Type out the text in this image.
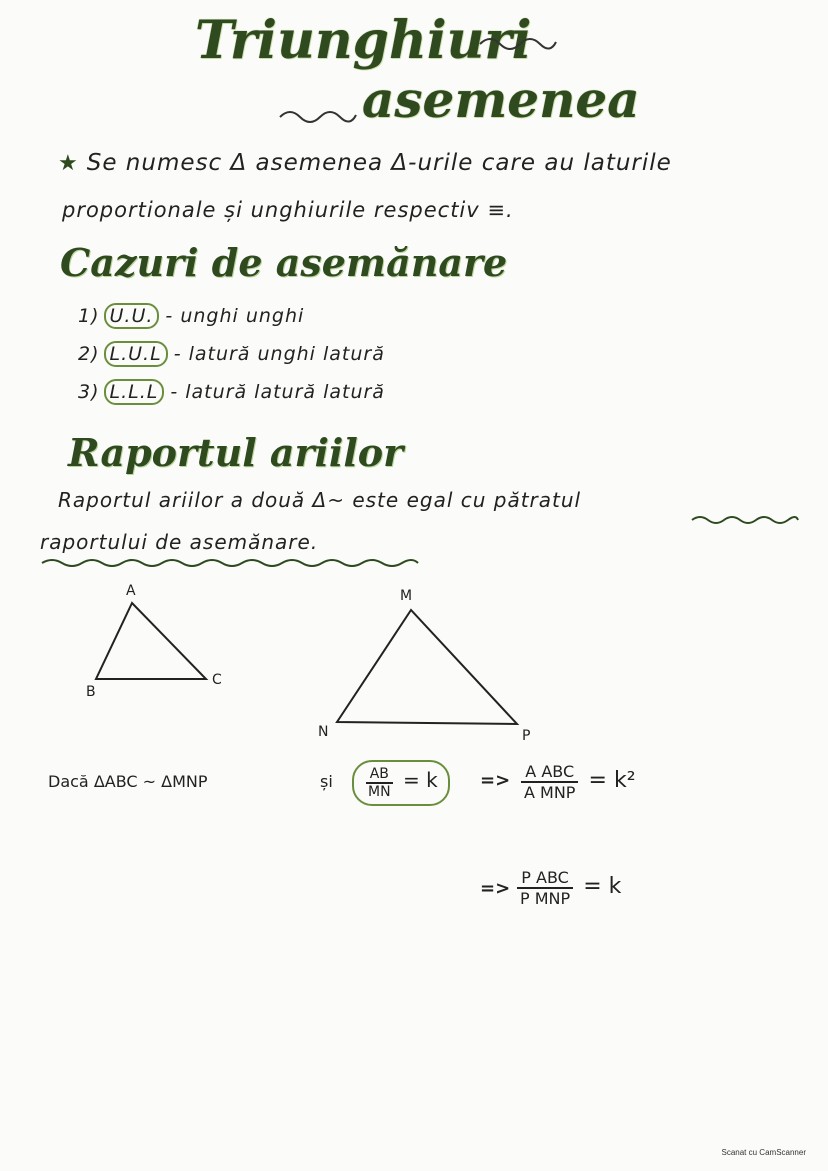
Triunghiuri
asemenea
★ Se numesc Δ asemenea Δ-urile care au laturile
proportionale și unghiurile respectiv ≡.
Cazuri de asemănare
1) U.U. - unghi unghi
2) L.U.L - latură unghi latură
3) L.L.L - latură latură latură
Raportul ariilor
Raportul ariilor a două Δ~ este egal cu pătratul
raportului de asemănare.
A
B
C
M
N	P
Dacă ΔABC ~ ΔMNP	și $\frac{AB}{MN} = k$	=> $\frac{\text{A ABC}}{\text{A MNP}} = k^2$
=> $\frac{\text{P ABC}}{\text{P MNP}} = k$
Scanat cu CamScanner
